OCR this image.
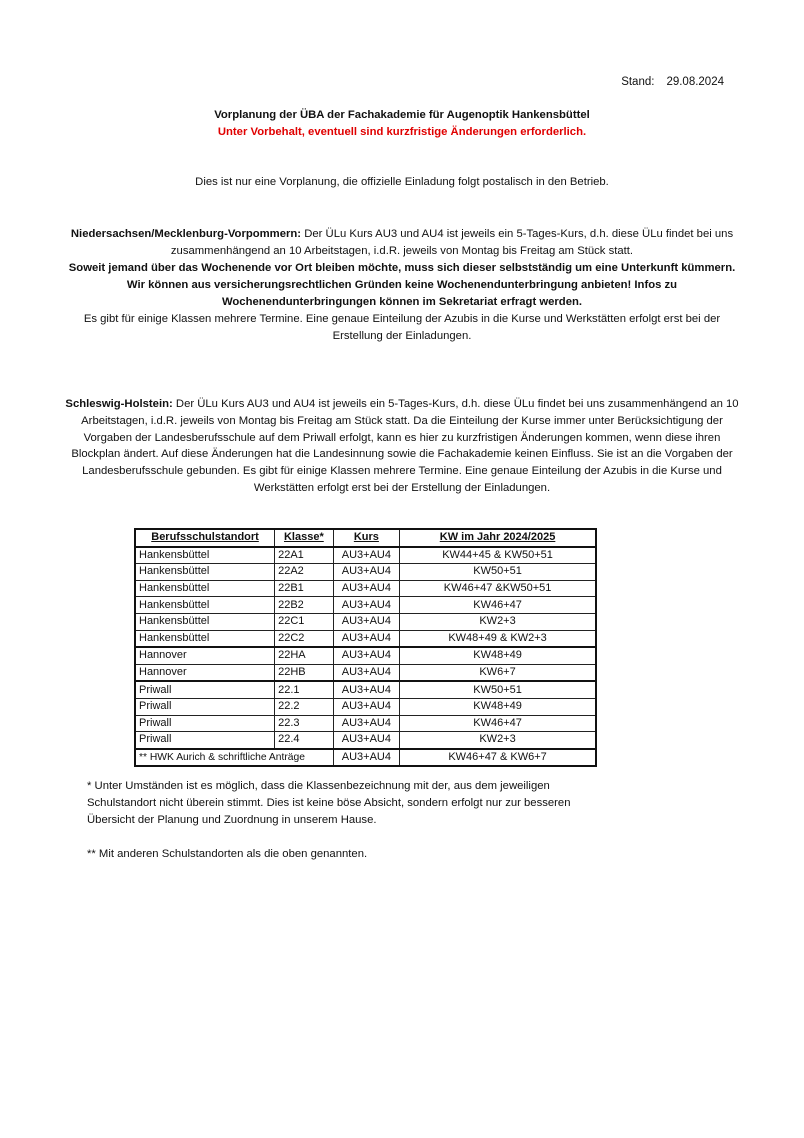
Stand: 29.08.2024
Vorplanung der ÜBA der Fachakademie für Augenoptik Hankensbüttel
Unter Vorbehalt, eventuell sind kurzfristige Änderungen erforderlich.
Dies ist nur eine Vorplanung, die offizielle Einladung folgt postalisch in den Betrieb.
Niedersachsen/Mecklenburg-Vorpommern: Der ÜLu Kurs AU3 und AU4 ist jeweils ein 5-Tages-Kurs, d.h. diese ÜLu findet bei uns zusammenhängend an 10 Arbeitstagen, i.d.R. jeweils von Montag bis Freitag am Stück statt.
Soweit jemand über das Wochenende vor Ort bleiben möchte, muss sich dieser selbstständig um eine Unterkunft kümmern. Wir können aus versicherungsrechtlichen Gründen keine Wochenendunterbringung anbieten! Infos zu Wochenendunterbringungen können im Sekretariat erfragt werden.
Es gibt für einige Klassen mehrere Termine. Eine genaue Einteilung der Azubis in die Kurse und Werkstätten erfolgt erst bei der Erstellung der Einladungen.
Schleswig-Holstein: Der ÜLu Kurs AU3 und AU4 ist jeweils ein 5-Tages-Kurs, d.h. diese ÜLu findet bei uns zusammenhängend an 10 Arbeitstagen, i.d.R. jeweils von Montag bis Freitag am Stück statt. Da die Einteilung der Kurse immer unter Berücksichtigung der Vorgaben der Landesberufsschule auf dem Priwall erfolgt, kann es hier zu kurzfristigen Änderungen kommen, wenn diese ihren Blockplan ändert. Auf diese Änderungen hat die Landesinnung sowie die Fachakademie keinen Einfluss. Sie ist an die Vorgaben der Landesberufsschule gebunden. Es gibt für einige Klassen mehrere Termine. Eine genaue Einteilung der Azubis in die Kurse und Werkstätten erfolgt erst bei der Erstellung der Einladungen.
Berufsschulstandort	Klasse*	Kurs	KW im Jahr 2024/2025
Hankensbüttel	22A1	AU3+AU4	KW44+45 & KW50+51
Hankensbüttel	22A2	AU3+AU4	KW50+51
Hankensbüttel	22B1	AU3+AU4	KW46+47 &KW50+51
Hankensbüttel	22B2	AU3+AU4	KW46+47
Hankensbüttel	22C1	AU3+AU4	KW2+3
Hankensbüttel	22C2	AU3+AU4	KW48+49 & KW2+3
Hannover	22HA	AU3+AU4	KW48+49
Hannover	22HB	AU3+AU4	KW6+7
Priwall	22.1	AU3+AU4	KW50+51
Priwall	22.2	AU3+AU4	KW48+49
Priwall	22.3	AU3+AU4	KW46+47
Priwall	22.4	AU3+AU4	KW2+3
** HWK Aurich & schriftliche Anträge		AU3+AU4	KW46+47 & KW6+7

* Unter Umständen ist es möglich, dass die Klassenbezeichnung mit der, aus dem jeweiligen Schulstandort nicht überein stimmt. Dies ist keine böse Absicht, sondern erfolgt nur zur besseren Übersicht der Planung und Zuordnung in unserem Hause.

** Mit anderen Schulstandorten als die oben genannten.
